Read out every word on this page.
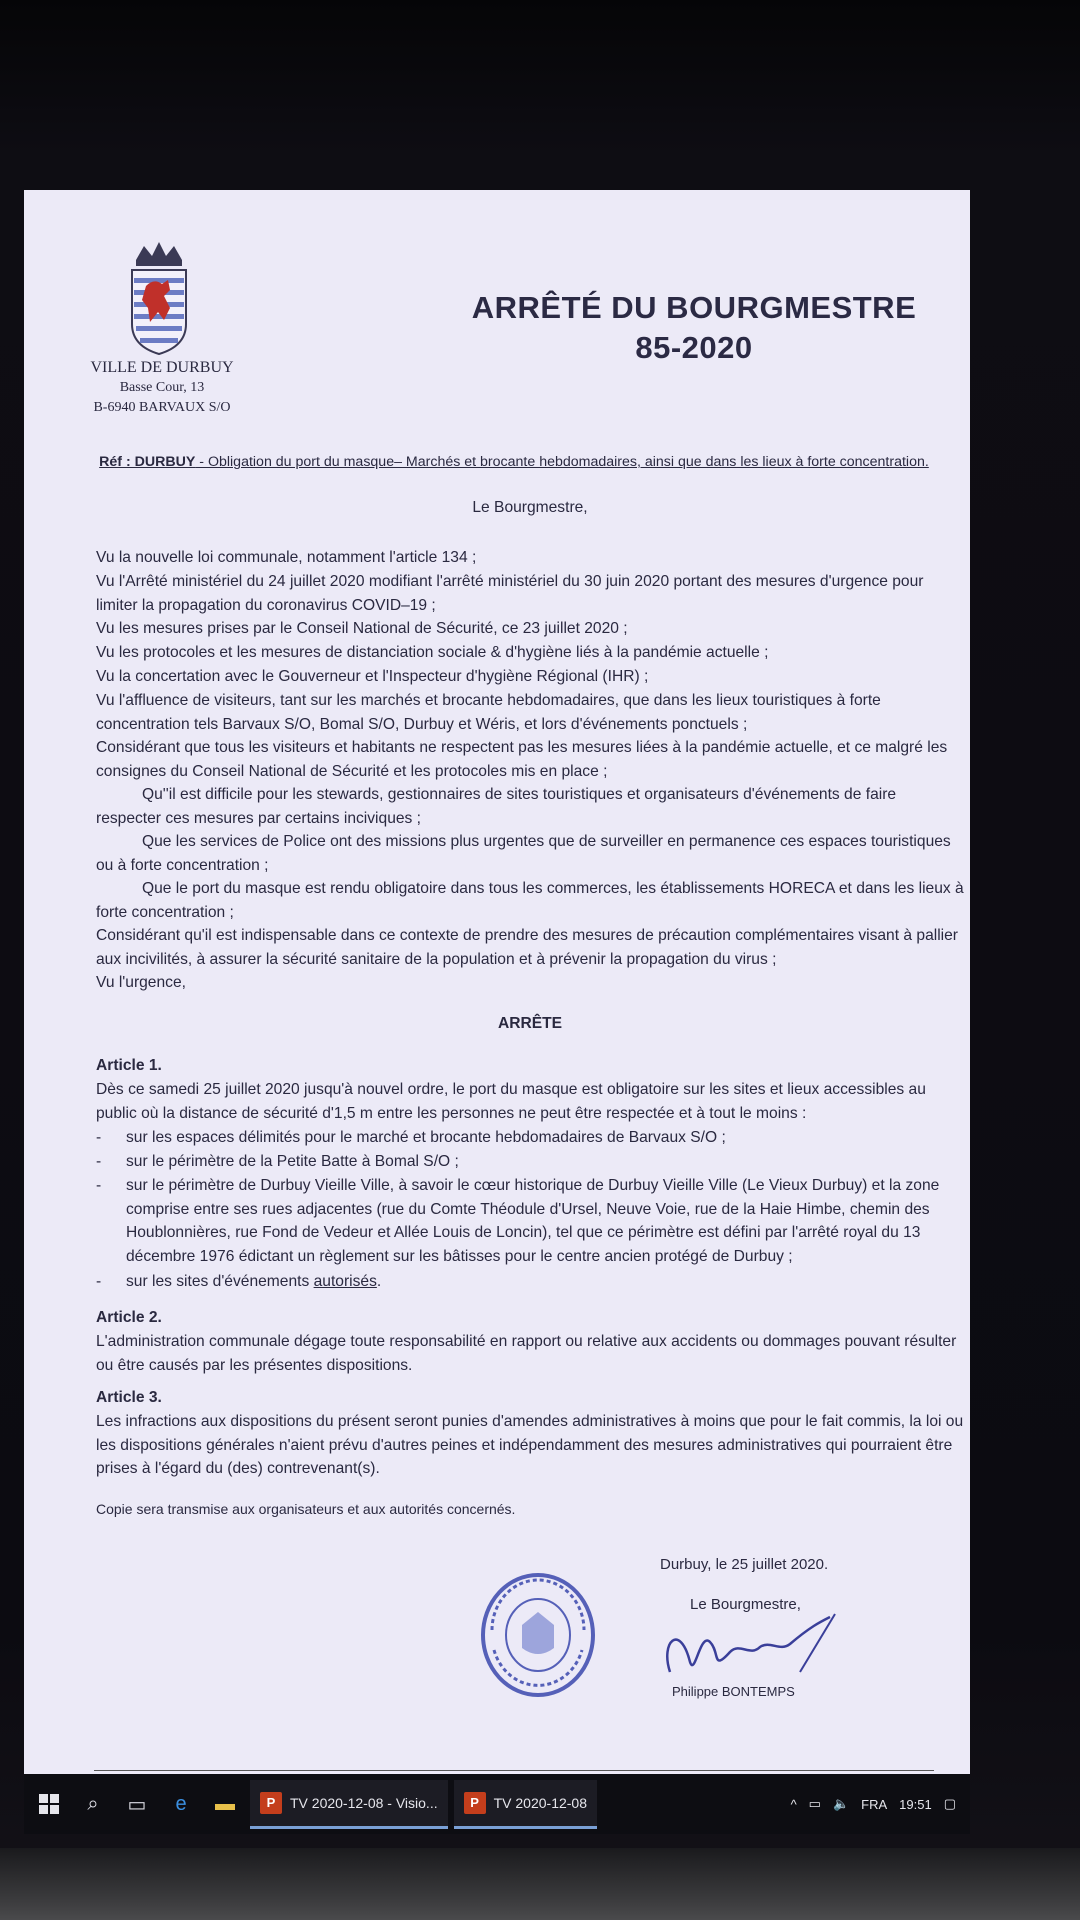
VILLE DE DURBUY
Basse Cour, 13
B-6940 BARVAUX S/O
ARRÊTÉ DU BOURGMESTRE
85-2020
Réf : DURBUY - Obligation du port du masque– Marchés et brocante hebdomadaires, ainsi que dans les lieux à forte concentration.

Le Bourgmestre,

Vu la nouvelle loi communale, notamment l'article 134 ;

Vu l'Arrêté ministériel du 24 juillet 2020 modifiant l'arrêté ministériel du 30 juin 2020 portant des mesures d'urgence pour limiter la propagation du coronavirus COVID–19 ;

Vu les mesures prises par le Conseil National de Sécurité, ce 23 juillet 2020 ;

Vu les protocoles et les mesures de distanciation sociale & d'hygiène liés à la pandémie actuelle ;

Vu la concertation avec le Gouverneur et l'Inspecteur d'hygiène Régional (IHR) ;

Vu l'affluence de visiteurs, tant sur les marchés et brocante hebdomadaires, que dans les lieux touristiques à forte concentration tels Barvaux S/O, Bomal S/O, Durbuy et Wéris, et lors d'événements ponctuels ;

Considérant que tous les visiteurs et habitants ne respectent pas les mesures liées à la pandémie actuelle, et ce malgré les consignes du Conseil National de Sécurité et les protocoles mis en place ;

Qu''il est difficile pour les stewards, gestionnaires de sites touristiques et organisateurs d'événements de faire respecter ces mesures par certains inciviques ;

Que les services de Police ont des missions plus urgentes que de surveiller en permanence ces espaces touristiques ou à forte concentration ;

Que le port du masque est rendu obligatoire dans tous les commerces, les établissements HORECA et dans les lieux à forte concentration ;

Considérant qu'il est indispensable dans ce contexte de prendre des mesures de précaution complémentaires visant à pallier aux incivilités, à assurer la sécurité sanitaire de la population et à prévenir la propagation du virus ;

Vu l'urgence,

ARRÊTE

Article 1.

Dès ce samedi 25 juillet 2020 jusqu'à nouvel ordre, le port du masque est obligatoire sur les sites et lieux accessibles au public où la distance de sécurité d'1,5 m entre les personnes ne peut être respectée et à tout le moins :

-	sur les espaces délimités pour le marché et brocante hebdomadaires de Barvaux S/O ;
-	sur le périmètre de la Petite Batte à Bomal S/O ;
-	sur le périmètre de Durbuy Vieille Ville, à savoir le cœur historique de Durbuy Vieille Ville (Le Vieux Durbuy) et la zone comprise entre ses rues adjacentes (rue du Comte Théodule d'Ursel, Neuve Voie, rue de la Haie Himbe, chemin des Houblonnières, rue Fond de Vedeur et Allée Louis de Loncin), tel que ce périmètre est défini par l'arrêté royal du 13 décembre 1976 édictant un règlement sur les bâtisses pour le centre ancien protégé de Durbuy ;
-	sur les sites d'événements autorisés.

Article 2.

L'administration communale dégage toute responsabilité en rapport ou relative aux accidents ou dommages pouvant résulter ou être causés par les présentes dispositions.

Article 3.

Les infractions aux dispositions du présent seront punies d'amendes administratives à moins que pour le fait commis, la loi ou les dispositions générales n'aient prévu d'autres peines et indépendamment des mesures administratives qui pourraient être prises à l'égard du (des) contrevenant(s).

Copie sera transmise aux organisateurs et aux autorités concernés.

Durbuy, le 25 juillet 2020.
Le Bourgmestre,
Philippe BONTEMPS
⌕	▭	e	▬	P	TV 2020-12-08 - Visio...	P	TV 2020-12-08	^ ▭ 🔈 FRA 19:51 ▢
